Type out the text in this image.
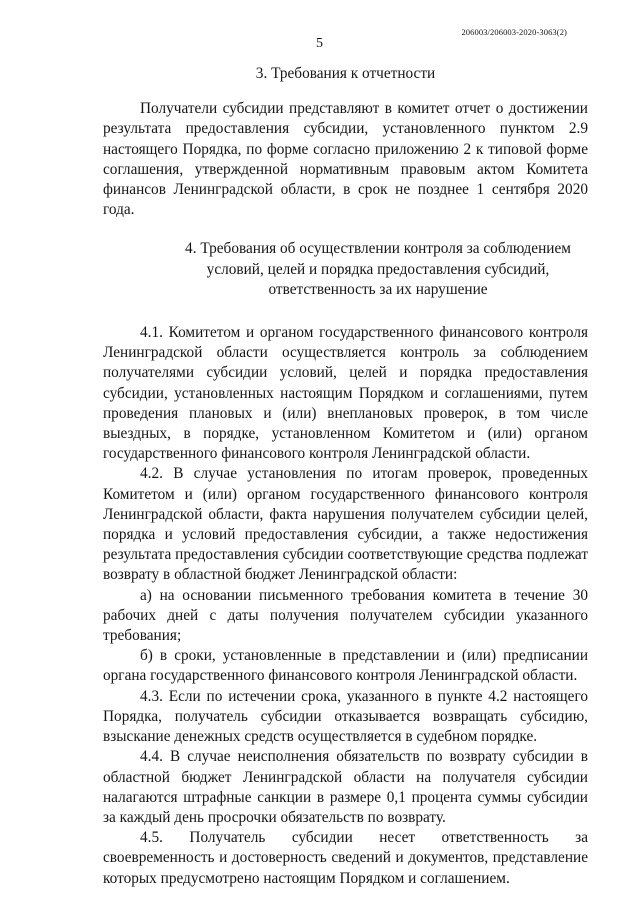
206003/206003-2020-3063(2)
5
3. Требования к отчетности

Получатели субсидии представляют в комитет отчет о достижении результата предоставления субсидии, установленного пунктом 2.9 настоящего Порядка, по форме согласно приложению 2 к типовой форме соглашения, утвержденной нормативным правовым актом Комитета финансов Ленинградской области, в срок не позднее 1 сентября 2020 года.

4. Требования об осуществлении контроля за соблюдением условий, целей и порядка предоставления субсидий, ответственность за их нарушение

4.1. Комитетом и органом государственного финансового контроля Ленинградской области осуществляется контроль за соблюдением получателями субсидии условий, целей и порядка предоставления субсидии, установленных настоящим Порядком и соглашениями, путем проведения плановых и (или) внеплановых проверок, в том числе выездных, в порядке, установленном Комитетом и (или) органом государственного финансового контроля Ленинградской области.

4.2. В случае установления по итогам проверок, проведенных Комитетом и (или) органом государственного финансового контроля Ленинградской области, факта нарушения получателем субсидии целей, порядка и условий предоставления субсидии, а также недостижения результата предоставления субсидии соответствующие средства подлежат возврату в областной бюджет Ленинградской области:

а) на основании письменного требования комитета в течение 30 рабочих дней с даты получения получателем субсидии указанного требования;

б) в сроки, установленные в представлении и (или) предписании органа государственного финансового контроля Ленинградской области.

4.3. Если по истечении срока, указанного в пункте 4.2 настоящего Порядка, получатель субсидии отказывается возвращать субсидию, взыскание денежных средств осуществляется в судебном порядке.

4.4. В случае неисполнения обязательств по возврату субсидии в областной бюджет Ленинградской области на получателя субсидии налагаются штрафные санкции в размере 0,1 процента суммы субсидии за каждый день просрочки обязательств по возврату.

4.5. Получатель субсидии несет ответственность за своевременность и достоверность сведений и документов, представление которых предусмотрено настоящим Порядком и соглашением.
